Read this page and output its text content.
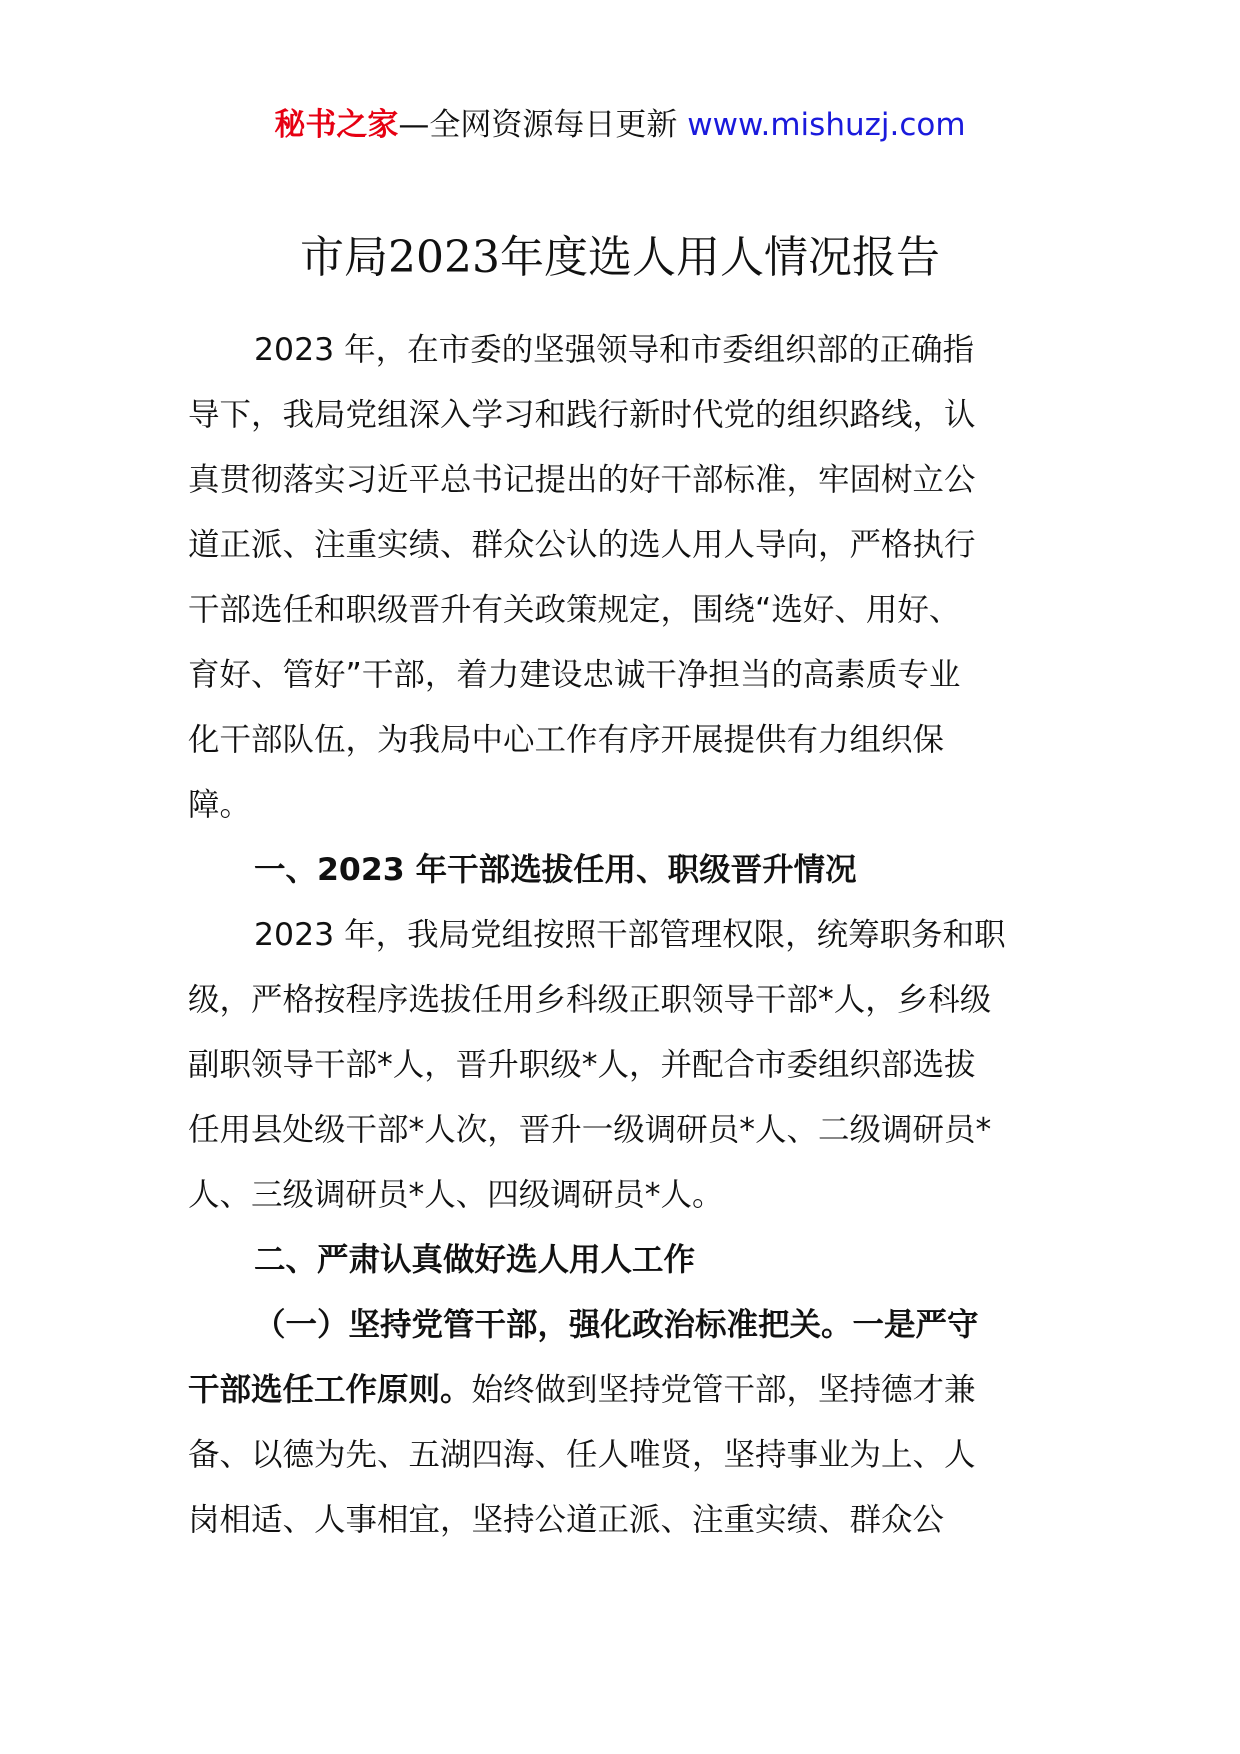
秘书之家—全网资源每日更新 www.mishuzj.com
市局2023年度选人用人情况报告
2023 年，在市委的坚强领导和市委组织部的正确指
导下，我局党组深入学习和践行新时代党的组织路线，认
真贯彻落实习近平总书记提出的好干部标准，牢固树立公
道正派、注重实绩、群众公认的选人用人导向，严格执行
干部选任和职级晋升有关政策规定，围绕“选好、用好、
育好、管好”干部，着力建设忠诚干净担当的高素质专业
化干部队伍，为我局中心工作有序开展提供有力组织保
障。
一、2023 年干部选拔任用、职级晋升情况
2023 年，我局党组按照干部管理权限，统筹职务和职
级，严格按程序选拔任用乡科级正职领导干部*人，乡科级
副职领导干部*人，晋升职级*人，并配合市委组织部选拔
任用县处级干部*人次，晋升一级调研员*人、二级调研员*
人、三级调研员*人、四级调研员*人。
二、严肃认真做好选人用人工作
（一）坚持党管干部，强化政治标准把关。一是严守
干部选任工作原则。始终做到坚持党管干部，坚持德才兼
备、以德为先、五湖四海、任人唯贤，坚持事业为上、人
岗相适、人事相宜，坚持公道正派、注重实绩、群众公
